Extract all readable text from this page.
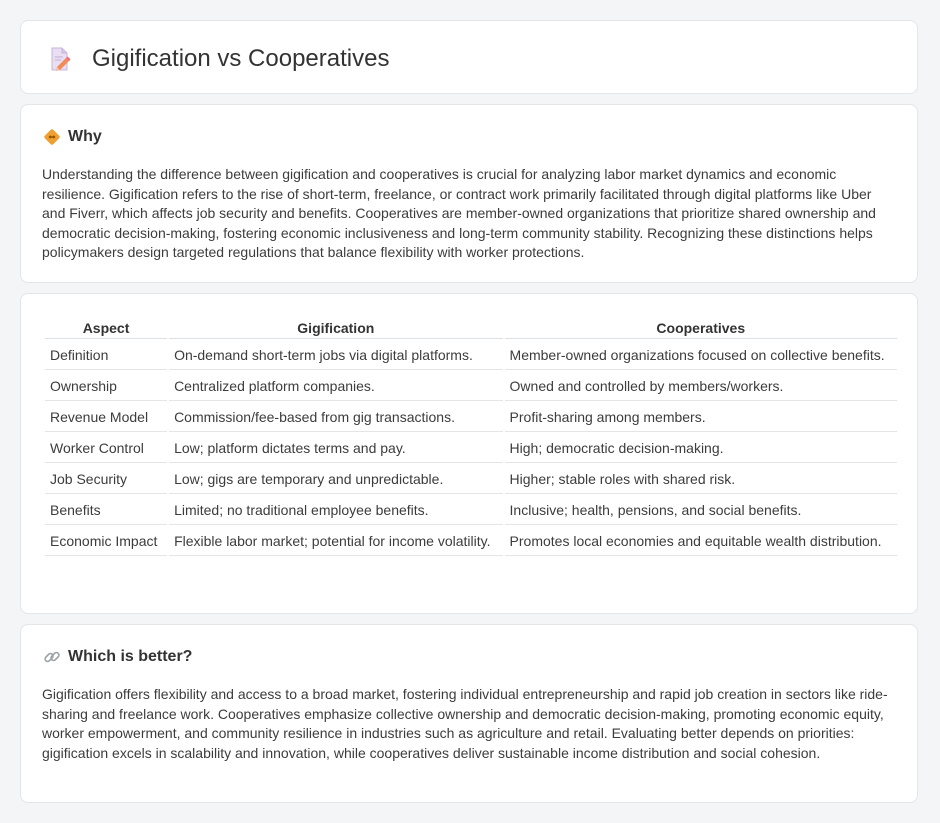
Gigification vs Cooperatives
Why

Understanding the difference between gigification and cooperatives is crucial for analyzing labor market dynamics and economic resilience. Gigification refers to the rise of short-term, freelance, or contract work primarily facilitated through digital platforms like Uber and Fiverr, which affects job security and benefits. Cooperatives are member-owned organizations that prioritize shared ownership and democratic decision-making, fostering economic inclusiveness and long-term community stability. Recognizing these distinctions helps policymakers design targeted regulations that balance flexibility with worker protections.

Aspect	Gigification	Cooperatives
Definition	On-demand short-term jobs via digital platforms.	Member-owned organizations focused on collective benefits.
Ownership	Centralized platform companies.	Owned and controlled by members/workers.
Revenue Model	Commission/fee-based from gig transactions.	Profit-sharing among members.
Worker Control	Low; platform dictates terms and pay.	High; democratic decision-making.
Job Security	Low; gigs are temporary and unpredictable.	Higher; stable roles with shared risk.
Benefits	Limited; no traditional employee benefits.	Inclusive; health, pensions, and social benefits.
Economic Impact	Flexible labor market; potential for income volatility.	Promotes local economies and equitable wealth distribution.
Which is better?

Gigification offers flexibility and access to a broad market, fostering individual entrepreneurship and rapid job creation in sectors like ride-sharing and freelance work. Cooperatives emphasize collective ownership and democratic decision-making, promoting economic equity, worker empowerment, and community resilience in industries such as agriculture and retail. Evaluating better depends on priorities: gigification excels in scalability and innovation, while cooperatives deliver sustainable income distribution and social cohesion.
